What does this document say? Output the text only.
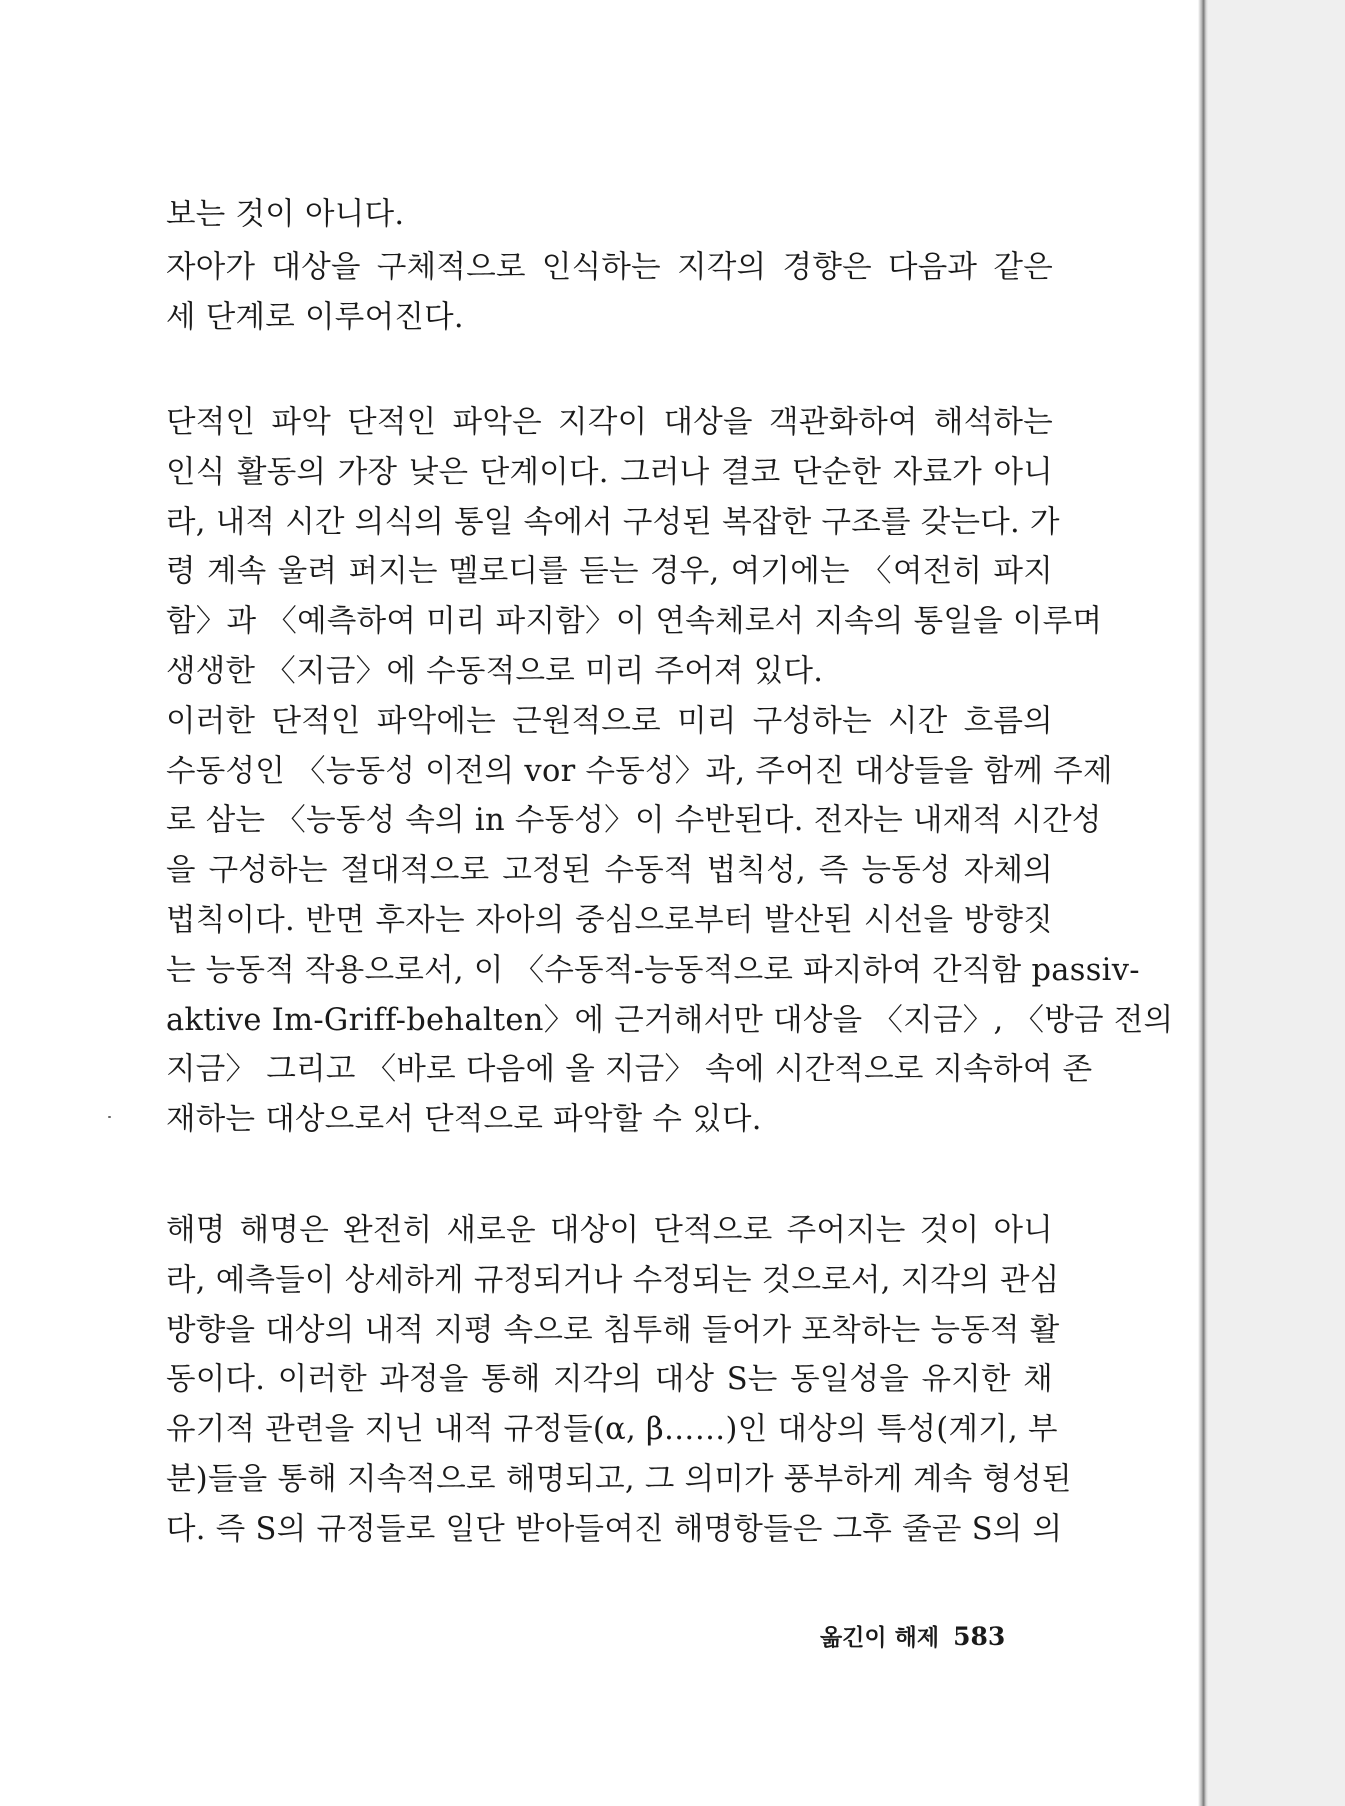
보는 것이 아니다.
자아가 대상을 구체적으로 인식하는 지각의 경향은 다음과 같은
세 단계로 이루어진다.
단적인 파악 단적인 파악은 지각이 대상을 객관화하여 해석하는
인식 활동의 가장 낮은 단계이다. 그러나 결코 단순한 자료가 아니
라, 내적 시간 의식의 통일 속에서 구성된 복잡한 구조를 갖는다. 가
령 계속 울려 퍼지는 멜로디를 듣는 경우, 여기에는 〈여전히 파지
함〉과 〈예측하여 미리 파지함〉이 연속체로서 지속의 통일을 이루며
생생한 〈지금〉에 수동적으로 미리 주어져 있다.
이러한 단적인 파악에는 근원적으로 미리 구성하는 시간 흐름의
수동성인 〈능동성 이전의 vor 수동성〉과, 주어진 대상들을 함께 주제
로 삼는 〈능동성 속의 in 수동성〉이 수반된다. 전자는 내재적 시간성
을 구성하는 절대적으로 고정된 수동적 법칙성, 즉 능동성 자체의
법칙이다. 반면 후자는 자아의 중심으로부터 발산된 시선을 방향짓
는 능동적 작용으로서, 이 〈수동적-능동적으로 파지하여 간직함 passiv-
aktive Im-Griff-behalten〉에 근거해서만 대상을 〈지금〉, 〈방금 전의
지금〉 그리고 〈바로 다음에 올 지금〉 속에 시간적으로 지속하여 존
재하는 대상으로서 단적으로 파악할 수 있다.
해명 해명은 완전히 새로운 대상이 단적으로 주어지는 것이 아니
라, 예측들이 상세하게 규정되거나 수정되는 것으로서, 지각의 관심
방향을 대상의 내적 지평 속으로 침투해 들어가 포착하는 능동적 활
동이다. 이러한 과정을 통해 지각의 대상 S는 동일성을 유지한 채
유기적 관련을 지닌 내적 규정들(α, β……)인 대상의 특성(계기, 부
분)들을 통해 지속적으로 해명되고, 그 의미가 풍부하게 계속 형성된
다. 즉 S의 규정들로 일단 받아들여진 해명항들은 그후 줄곧 S의 의
옮긴이 해제 583
